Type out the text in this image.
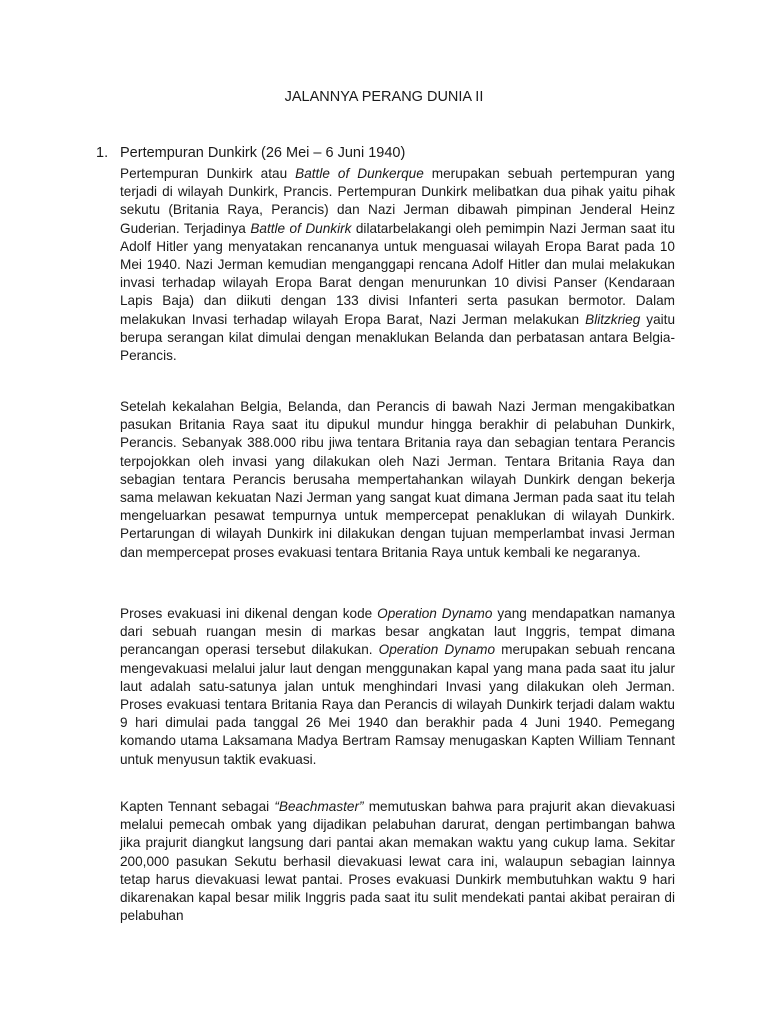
JALANNYA PERANG DUNIA II
1. Pertempuran Dunkirk (26 Mei – 6 Juni 1940)

Pertempuran Dunkirk atau Battle of Dunkerque merupakan sebuah pertempuran yang terjadi di wilayah Dunkirk, Prancis. Pertempuran Dunkirk melibatkan dua pihak yaitu pihak sekutu (Britania Raya, Perancis) dan Nazi Jerman dibawah pimpinan Jenderal Heinz Guderian. Terjadinya Battle of Dunkirk dilatarbelakangi oleh pemimpin Nazi Jerman saat itu Adolf Hitler yang menyatakan rencananya untuk menguasai wilayah Eropa Barat pada 10 Mei 1940. Nazi Jerman kemudian menganggapi rencana Adolf Hitler dan mulai melakukan invasi terhadap wilayah Eropa Barat dengan menurunkan 10 divisi Panser (Kendaraan Lapis Baja) dan diikuti dengan 133 divisi Infanteri serta pasukan bermotor. Dalam melakukan Invasi terhadap wilayah Eropa Barat, Nazi Jerman melakukan Blitzkrieg yaitu berupa serangan kilat dimulai dengan menaklukan Belanda dan perbatasan antara Belgia-Perancis.

Setelah kekalahan Belgia, Belanda, dan Perancis di bawah Nazi Jerman mengakibatkan pasukan Britania Raya saat itu dipukul mundur hingga berakhir di pelabuhan Dunkirk, Perancis. Sebanyak 388.000 ribu jiwa tentara Britania raya dan sebagian tentara Perancis terpojokkan oleh invasi yang dilakukan oleh Nazi Jerman. Tentara Britania Raya dan sebagian tentara Perancis berusaha mempertahankan wilayah Dunkirk dengan bekerja sama melawan kekuatan Nazi Jerman yang sangat kuat dimana Jerman pada saat itu telah mengeluarkan pesawat tempurnya untuk mempercepat penaklukan di wilayah Dunkirk. Pertarungan di wilayah Dunkirk ini dilakukan dengan tujuan memperlambat invasi Jerman dan mempercepat proses evakuasi tentara Britania Raya untuk kembali ke negaranya.

Proses evakuasi ini dikenal dengan kode Operation Dynamo yang mendapatkan namanya dari sebuah ruangan mesin di markas besar angkatan laut Inggris, tempat dimana perancangan operasi tersebut dilakukan. Operation Dynamo merupakan sebuah rencana mengevakuasi melalui jalur laut dengan menggunakan kapal yang mana pada saat itu jalur laut adalah satu-satunya jalan untuk menghindari Invasi yang dilakukan oleh Jerman. Proses evakuasi tentara Britania Raya dan Perancis di wilayah Dunkirk terjadi dalam waktu 9 hari dimulai pada tanggal 26 Mei 1940 dan berakhir pada 4 Juni 1940. Pemegang komando utama Laksamana Madya Bertram Ramsay menugaskan Kapten William Tennant untuk menyusun taktik evakuasi.

Kapten Tennant sebagai “Beachmaster” memutuskan bahwa para prajurit akan dievakuasi melalui pemecah ombak yang dijadikan pelabuhan darurat, dengan pertimbangan bahwa jika prajurit diangkut langsung dari pantai akan memakan waktu yang cukup lama. Sekitar 200,000 pasukan Sekutu berhasil dievakuasi lewat cara ini, walaupun sebagian lainnya tetap harus dievakuasi lewat pantai. Proses evakuasi Dunkirk membutuhkan waktu 9 hari dikarenakan kapal besar milik Inggris pada saat itu sulit mendekati pantai akibat perairan di pelabuhan
